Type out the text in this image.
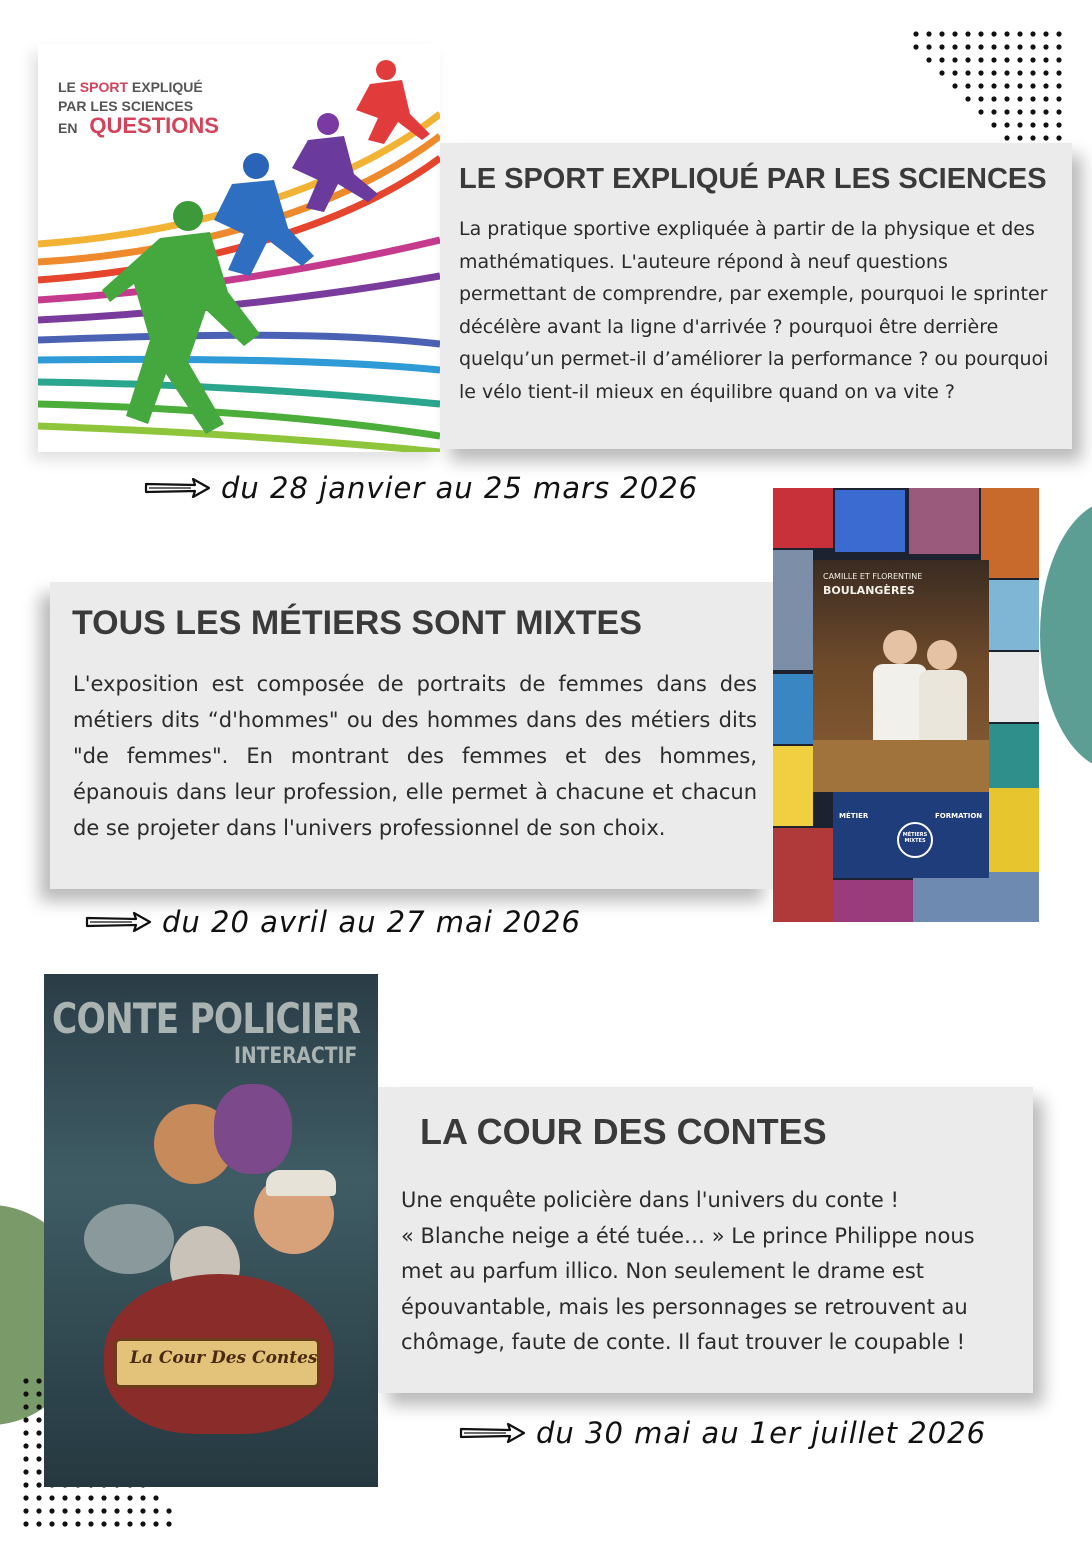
LE SPORT EXPLIQUÉ
PAR LES SCIENCES
EN QUESTIONS
LE SPORT EXPLIQUÉ PAR LES SCIENCES
La pratique sportive expliquée à partir de la physique et des mathématiques. L'auteure répond à neuf questions permettant de comprendre, par exemple, pourquoi le sprinter décélère avant la ligne d'arrivée ? pourquoi être derrière quelqu’un permet-il d’améliorer la performance ? ou pourquoi le vélo tient-il mieux en équilibre quand on va vite ?
du 28 janvier au 25 mars 2026
TOUS LES MÉTIERS SONT MIXTES
L'exposition est composée de portraits de femmes dans des métiers dits “d'hommes" ou des hommes dans des métiers dits "de femmes". En montrant des femmes et des hommes, épanouis dans leur profession, elle permet à chacune et chacun de se projeter dans l'univers professionnel de son choix.
CAMILLE ET FLORENTINE
BOULANGÈRES
MÉTIER	FORMATION
MÉTIERS MIXTES
du 20 avril au 27 mai 2026
CONTE POLICIER
INTERACTIF
La Cour Des Contes
LA COUR DES CONTES
Une enquête policière dans l'univers du conte !
« Blanche neige a été tuée… » Le prince Philippe nous met au parfum illico. Non seulement le drame est épouvantable, mais les personnages se retrouvent au chômage, faute de conte. Il faut trouver le coupable !
du 30 mai au 1er juillet 2026
